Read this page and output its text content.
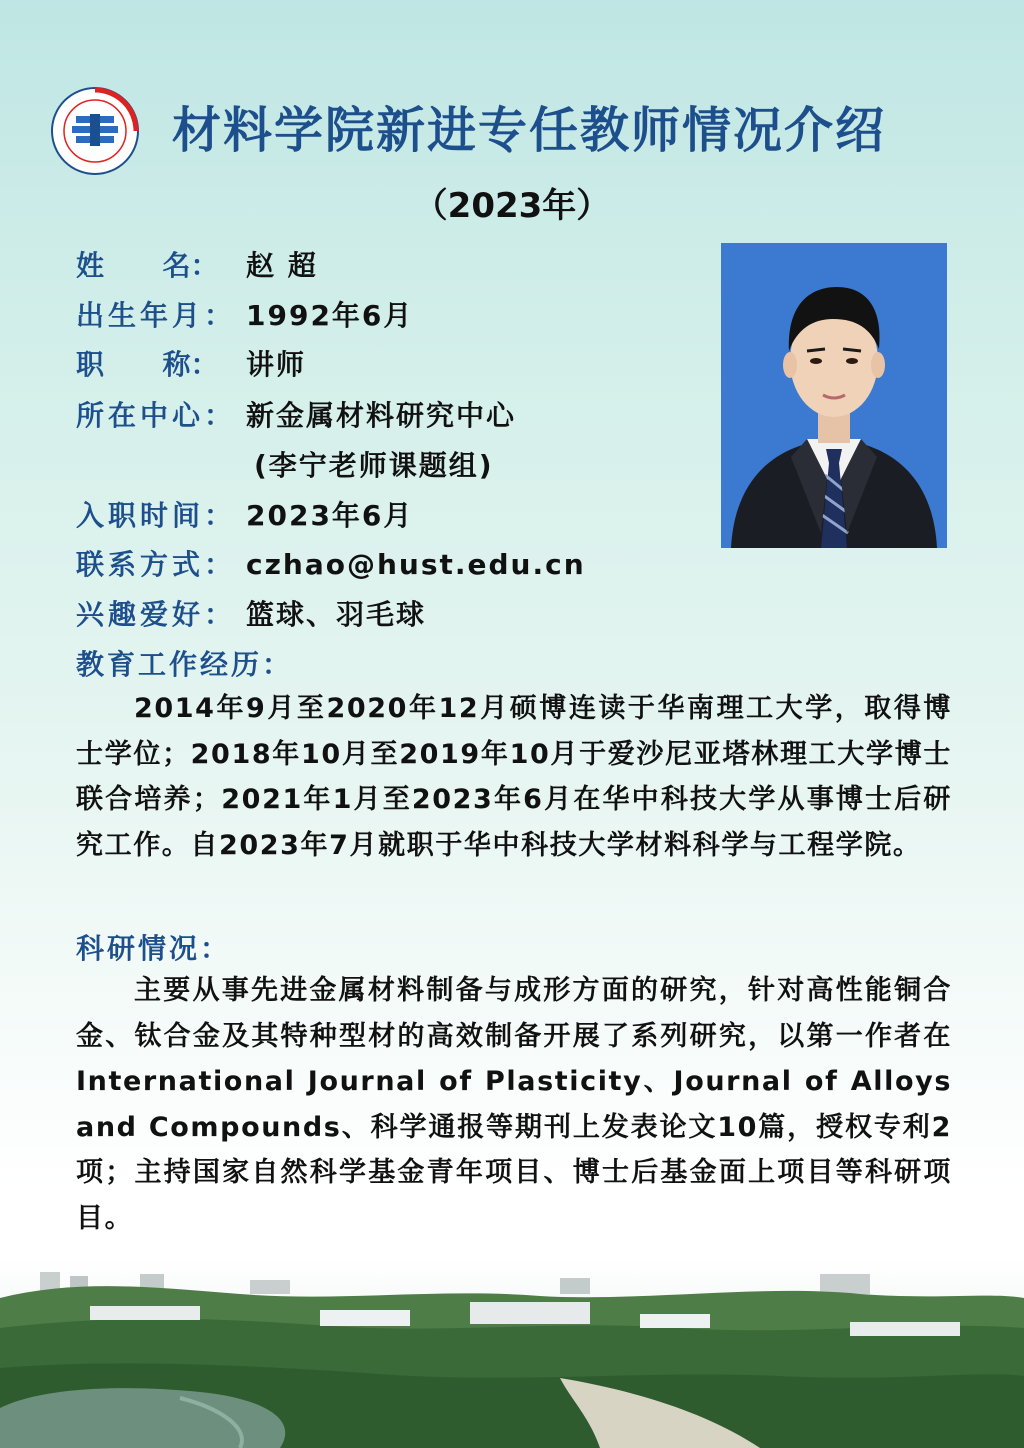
材料学院新进专任教师情况介绍
（2023年）
姓      名： 赵 超
出生年月： 1992年6月
职      称： 讲师
所在中心： 新金属材料研究中心
(李宁老师课题组)
入职时间： 2023年6月
联系方式： czhao@hust.edu.cn
兴趣爱好： 篮球、羽毛球
教育工作经历：
2014年9月至2020年12月硕博连读于华南理工大学，取得博士学位；2018年10月至2019年10月于爱沙尼亚塔林理工大学博士联合培养；2021年1月至2023年6月在华中科技大学从事博士后研究工作。自2023年7月就职于华中科技大学材料科学与工程学院。
科研情况：
主要从事先进金属材料制备与成形方面的研究，针对高性能铜合金、钛合金及其特种型材的高效制备开展了系列研究，以第一作者在International Journal of Plasticity、Journal of Alloys and Compounds、科学通报等期刊上发表论文10篇，授权专利2项；主持国家自然科学基金青年项目、博士后基金面上项目等科研项目。
